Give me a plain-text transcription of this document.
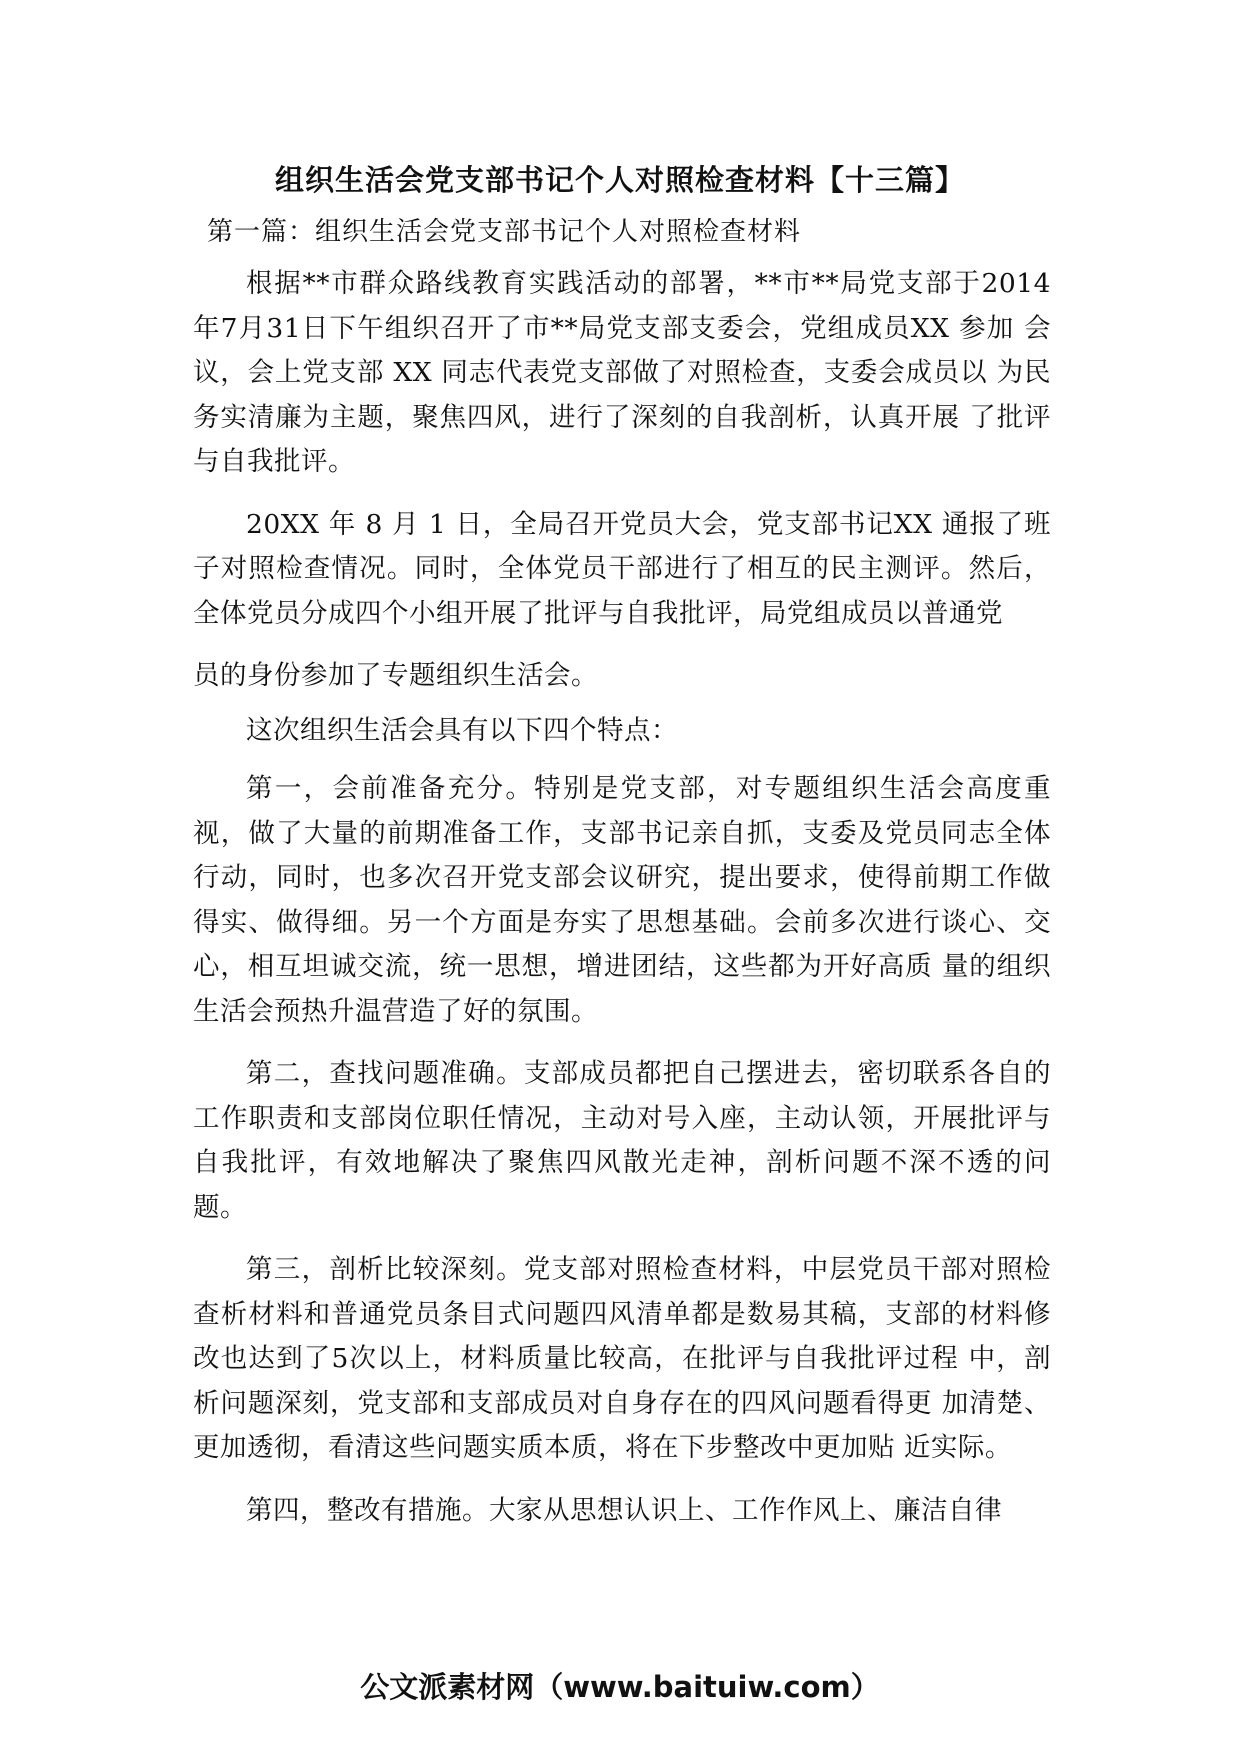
组织生活会党支部书记个人对照检查材料【十三篇】

第一篇：组织生活会党支部书记个人对照检查材料

根据**市群众路线教育实践活动的部署，**市**局党支部于2014 年7月31日下午组织召开了市**局党支部支委会，党组成员XX 参加 会议，会上党支部 XX 同志代表党支部做了对照检查，支委会成员以 为民务实清廉为主题，聚焦四风，进行了深刻的自我剖析，认真开展 了批评与自我批评。

20XX 年 8 月 1 日，全局召开党员大会，党支部书记XX 通报了班 子对照检查情况。同时，全体党员干部进行了相互的民主测评。然后， 全体党员分成四个小组开展了批评与自我批评，局党组成员以普通党

员的身份参加了专题组织生活会。

这次组织生活会具有以下四个特点：

第一，会前准备充分。特别是党支部，对专题组织生活会高度重视，做了大量的前期准备工作，支部书记亲自抓，支委及党员同志全体行动，同时，也多次召开党支部会议研究，提出要求，使得前期工作做得实、做得细。另一个方面是夯实了思想基础。会前多次进行谈心、交心，相互坦诚交流，统一思想，增进团结，这些都为开好高质 量的组织生活会预热升温营造了好的氛围。

第二，查找问题准确。支部成员都把自己摆进去，密切联系各自的工作职责和支部岗位职任情况，主动对号入座，主动认领，开展批评与自我批评，有效地解决了聚焦四风散光走神，剖析问题不深不透的问题。

第三，剖析比较深刻。党支部对照检查材料，中层党员干部对照检查析材料和普通党员条目式问题四风清单都是数易其稿，支部的材料修改也达到了5次以上，材料质量比较高，在批评与自我批评过程 中，剖析问题深刻，党支部和支部成员对自身存在的四风问题看得更 加清楚、更加透彻，看清这些问题实质本质，将在下步整改中更加贴 近实际。

第四，整改有措施。大家从思想认识上、工作作风上、廉洁自律

公文派素材网（www.baituiw.com）
